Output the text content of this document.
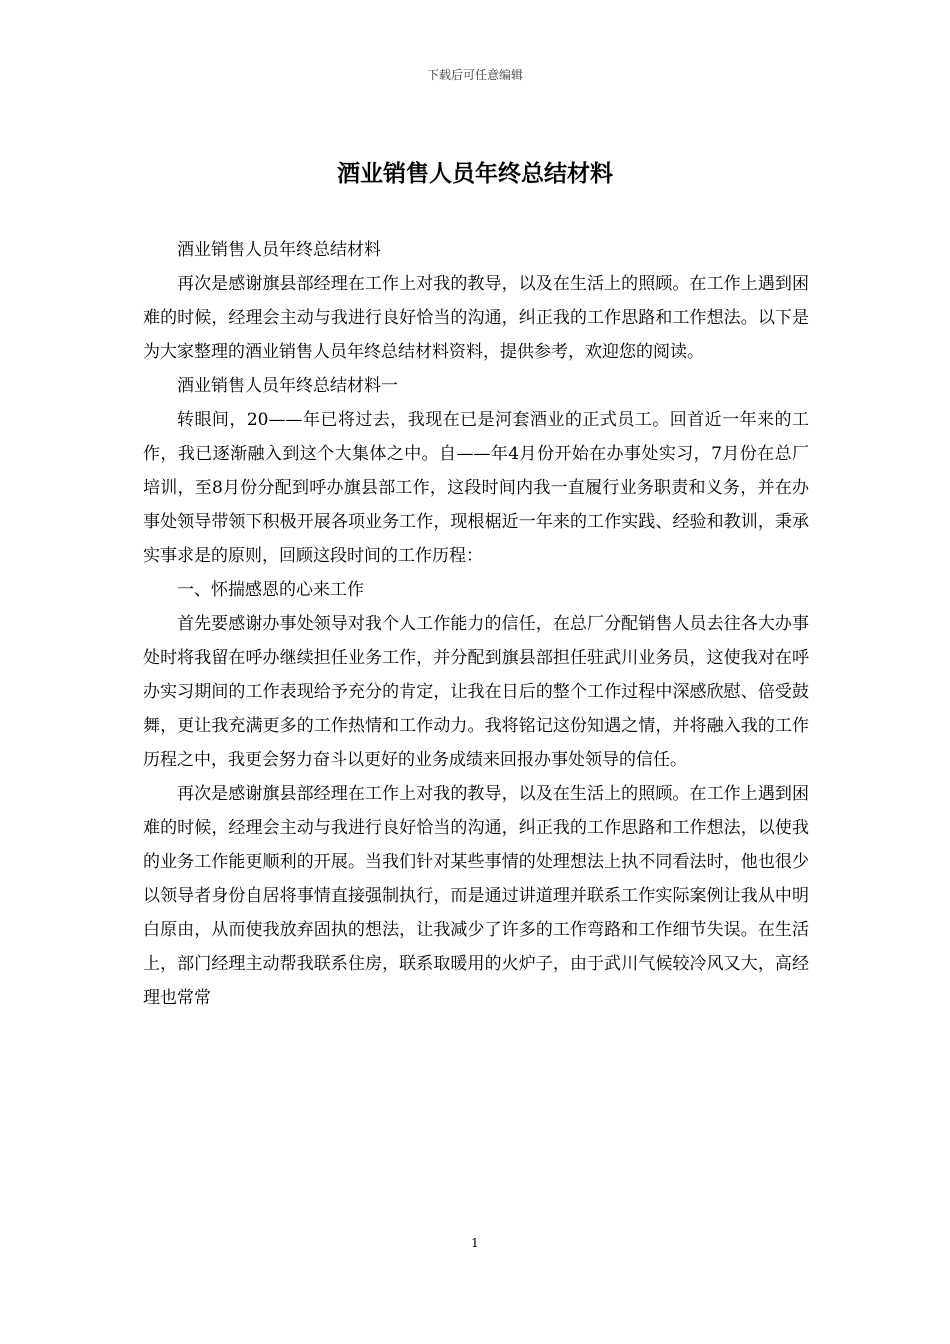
下载后可任意编辑
酒业销售人员年终总结材料

酒业销售人员年终总结材料

再次是感谢旗县部经理在工作上对我的教导，以及在生活上的照顾。在工作上遇到困难的时候，经理会主动与我进行良好恰当的沟通，纠正我的工作思路和工作想法。以下是为大家整理的酒业销售人员年终总结材料资料，提供参考，欢迎您的阅读。

酒业销售人员年终总结材料一

转眼间，20——年已将过去，我现在已是河套酒业的正式员工。回首近一年来的工作，我已逐渐融入到这个大集体之中。自——年4月份开始在办事处实习，7月份在总厂培训，至8月份分配到呼办旗县部工作，这段时间内我一直履行业务职责和义务，并在办事处领导带领下积极开展各项业务工作，现根椐近一年来的工作实践、经验和教训，秉承实事求是的原则，回顾这段时间的工作历程：

一、怀揣感恩的心来工作

首先要感谢办事处领导对我个人工作能力的信任，在总厂分配销售人员去往各大办事处时将我留在呼办继续担任业务工作，并分配到旗县部担任驻武川业务员，这使我对在呼办实习期间的工作表现给予充分的肯定，让我在日后的整个工作过程中深感欣慰、倍受鼓舞，更让我充满更多的工作热情和工作动力。我将铭记这份知遇之情，并将融入我的工作历程之中，我更会努力奋斗以更好的业务成绩来回报办事处领导的信任。

再次是感谢旗县部经理在工作上对我的教导，以及在生活上的照顾。在工作上遇到困难的时候，经理会主动与我进行良好恰当的沟通，纠正我的工作思路和工作想法，以使我的业务工作能更顺利的开展。当我们针对某些事情的处理想法上执不同看法时，他也很少以领导者身份自居将事情直接强制执行，而是通过讲道理并联系工作实际案例让我从中明白原由，从而使我放弃固执的想法，让我减少了许多的工作弯路和工作细节失误。在生活上，部门经理主动帮我联系住房，联系取暖用的火炉子，由于武川气候较冷风又大，高经理也常常

1
